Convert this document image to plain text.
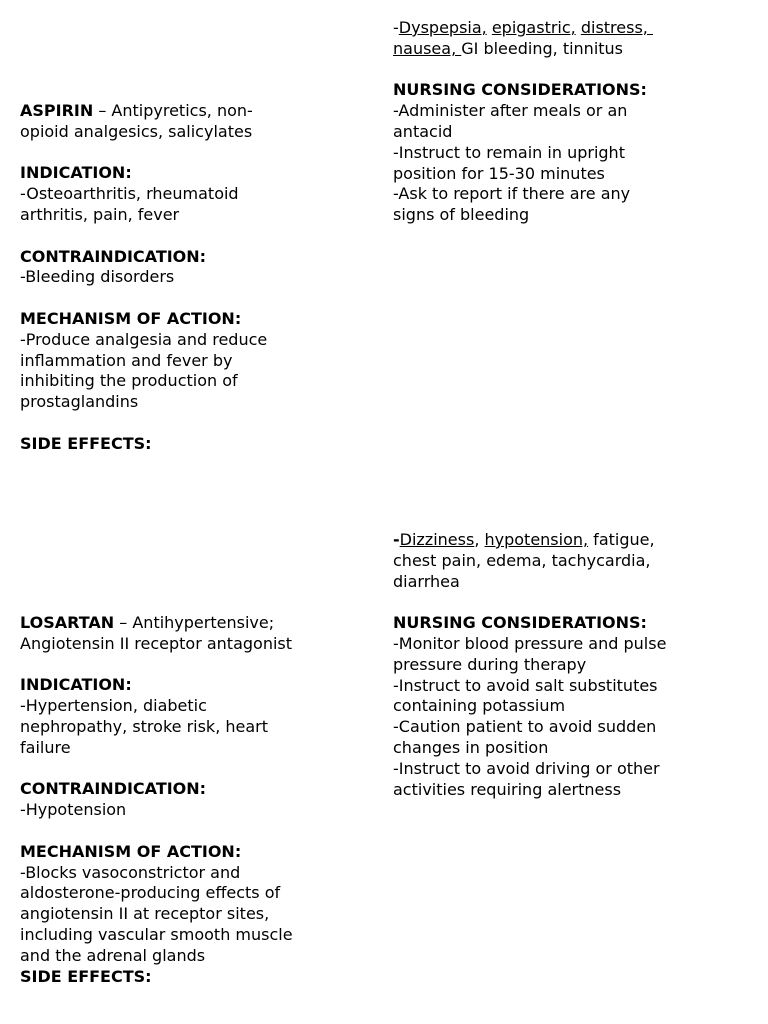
-Dyspepsia, epigastric, distress,
nausea, GI bleeding, tinnitus
NURSING CONSIDERATIONS:
-Administer after meals or an
antacid
-Instruct to remain in upright
position for 15-30 minutes
-Ask to report if there are any
signs of bleeding
ASPIRIN – Antipyretics, non-
opioid analgesics, salicylates
INDICATION:
-Osteoarthritis, rheumatoid
arthritis, pain, fever
CONTRAINDICATION:
-Bleeding disorders
MECHANISM OF ACTION:
-Produce analgesia and reduce
inflammation and fever by
inhibiting the production of
prostaglandins
SIDE EFFECTS:
-Dizziness, hypotension, fatigue,
chest pain, edema, tachycardia,
diarrhea
NURSING CONSIDERATIONS:
-Monitor blood pressure and pulse
pressure during therapy
-Instruct to avoid salt substitutes
containing potassium
-Caution patient to avoid sudden
changes in position
-Instruct to avoid driving or other
activities requiring alertness
LOSARTAN – Antihypertensive;
Angiotensin II receptor antagonist
INDICATION:
-Hypertension, diabetic
nephropathy, stroke risk, heart
failure
CONTRAINDICATION:
-Hypotension
MECHANISM OF ACTION:
-Blocks vasoconstrictor and
aldosterone-producing effects of
angiotensin II at receptor sites,
including vascular smooth muscle
and the adrenal glands
SIDE EFFECTS:
